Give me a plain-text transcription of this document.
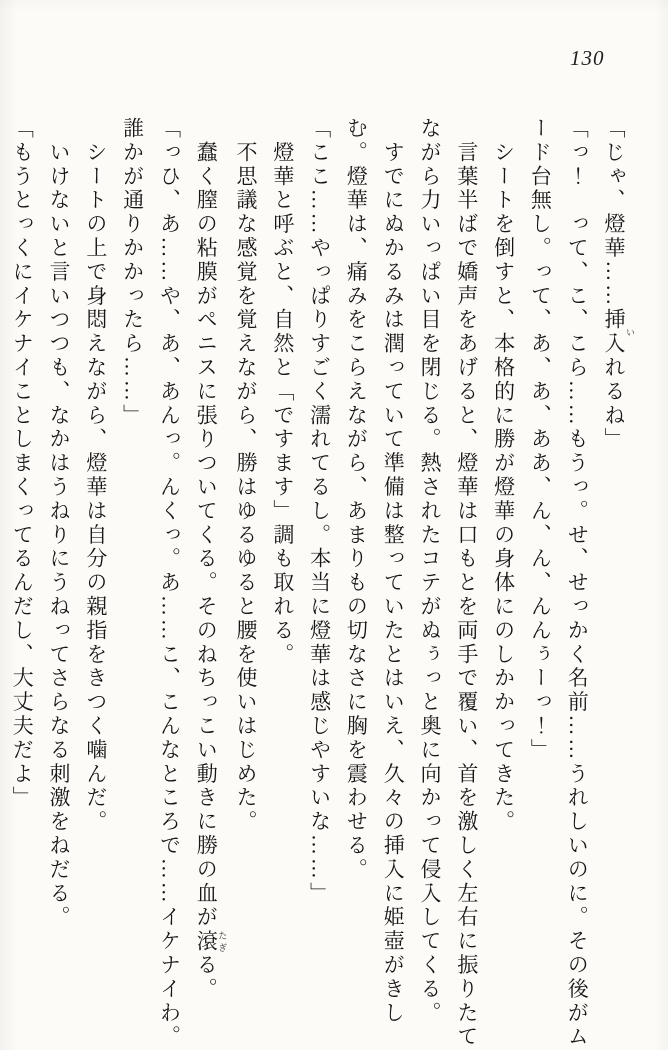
130

「じゃ、燈華……挿入 いれるね」

「っ！　って、こ、こら……もうっ。せ、せっかく名前……うれしいのに。その後がムード台無し。って、あ、あ、ああ、ん、ん、んんぅーっ！」

　シートを倒すと、本格的に勝が燈華の身体にのしかかってきた。

　言葉半ばで嬌声をあげると、燈華は口もとを両手で覆い、首を激しく左右に振りたてながら力いっぱい目を閉じる。熱されたコテがぬぅっと奥に向かって侵入してくる。

　すでにぬかるみは潤っていて準備は整っていたとはいえ、久々の挿入に姫壺がきしむ。燈華は、痛みをこらえながら、あまりもの切なさに胸を震わせる。

「ここ……やっぱりすごく濡れてるし。本当に燈華は感じやすいな……」

　燈華と呼ぶと、自然と「ですます」調も取れる。

　不思議な感覚を覚えながら、勝はゆるゆると腰を使いはじめた。

　蠢く膣の粘膜がペニスに張りついてくる。そのねちっこい動きに勝の血が滾 たぎる。

「っひ、あ……や、あ、あんっ。んくっ。あ……こ、こんなところで……イケナイわ。誰かが通りかかったら……」

　シートの上で身悶えながら、燈華は自分の親指をきつく噛んだ。

　いけないと言いつつも、なかはうねりにうねってさらなる刺激をねだる。

「もうとっくにイケナイことしまくってるんだし、大丈夫だよ」
